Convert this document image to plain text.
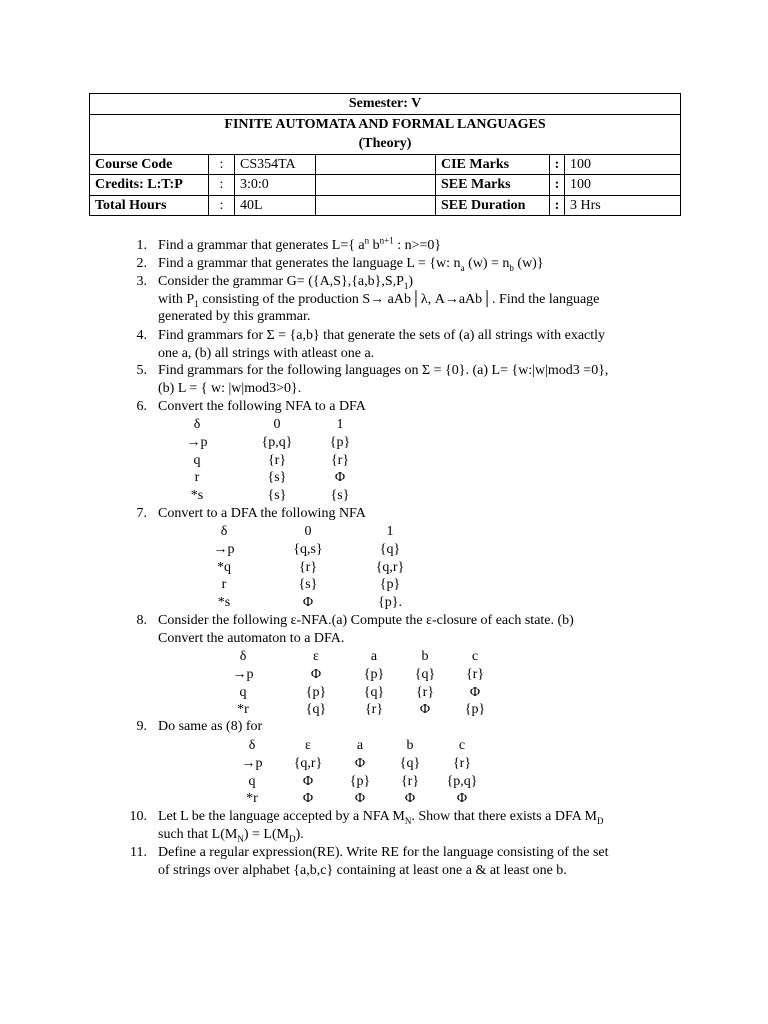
Semester: V						
FINITE AUTOMATA AND FORMAL LANGUAGES						
(Theory)						
Course Code	:	CS354TA		CIE Marks	:	100
Credits: L:T:P	:	3:0:0		SEE Marks	:	100
Total Hours	:	40L		SEE Duration	:	3 Hrs
1. Find a grammar that generates L={ $a^n$ $b^{n+1}$ : n>=0}
2. Find a grammar that generates the language L = {w: $n_a$ $(w) = n_b$ (w)}
3. Consider the grammar $G= (\{A,S\},\{a,b\},S,P_1)$
with $P_1$ consisting of the production S→ aAb│λ, A→aAb│. Find the language
generated by this grammar.
4. Find grammars for Σ = {a,b} that generate the sets of (a) all strings with exactly
one a, (b) all strings with atleast one a.
5. Find grammars for the following languages on Σ = {0}. (a) L= {w:|w|mod3 =0},
(b) L = { w: |w|mod3>0}.
6. Convert the following NFA to a DFA
7. Convert to a DFA the following NFA
8. Consider the following ε-NFA.(a) Compute the ε-closure of each state. (b)
Convert the automaton to a DFA.
9. Do same as (8) for
10. Let L be the language accepted by a NFA $M_N$. Show that there exists a DFA $M_D$
such that $L(M_N) = L(M_D)$.
11. Define a regular expression(RE). Write RE for the language consisting of the set
of strings over alphabet {a,b,c} containing at least one a & at least one b.
δ	0	1
→p	{p,q}	{p}
q	{r}	{r}
r	{s}	Φ
*s	{s}	{s}
δ	0	1
→p	{q,s}	{q}
*q	{r}	{q,r}
r	{s}	{p}
*s	Φ	{p}.
δ	ε	a	b	c
→p	Φ	{p}	{q}	{r}
q	{p}	{q}	{r}	Φ
*r	{q}	{r}	Φ	{p}
δ	ε	a	b	c
→p	{q,r}	Φ	{q}	{r}
q	Φ	{p}	{r}	{p,q}
*r	Φ	Φ	Φ	Φ
